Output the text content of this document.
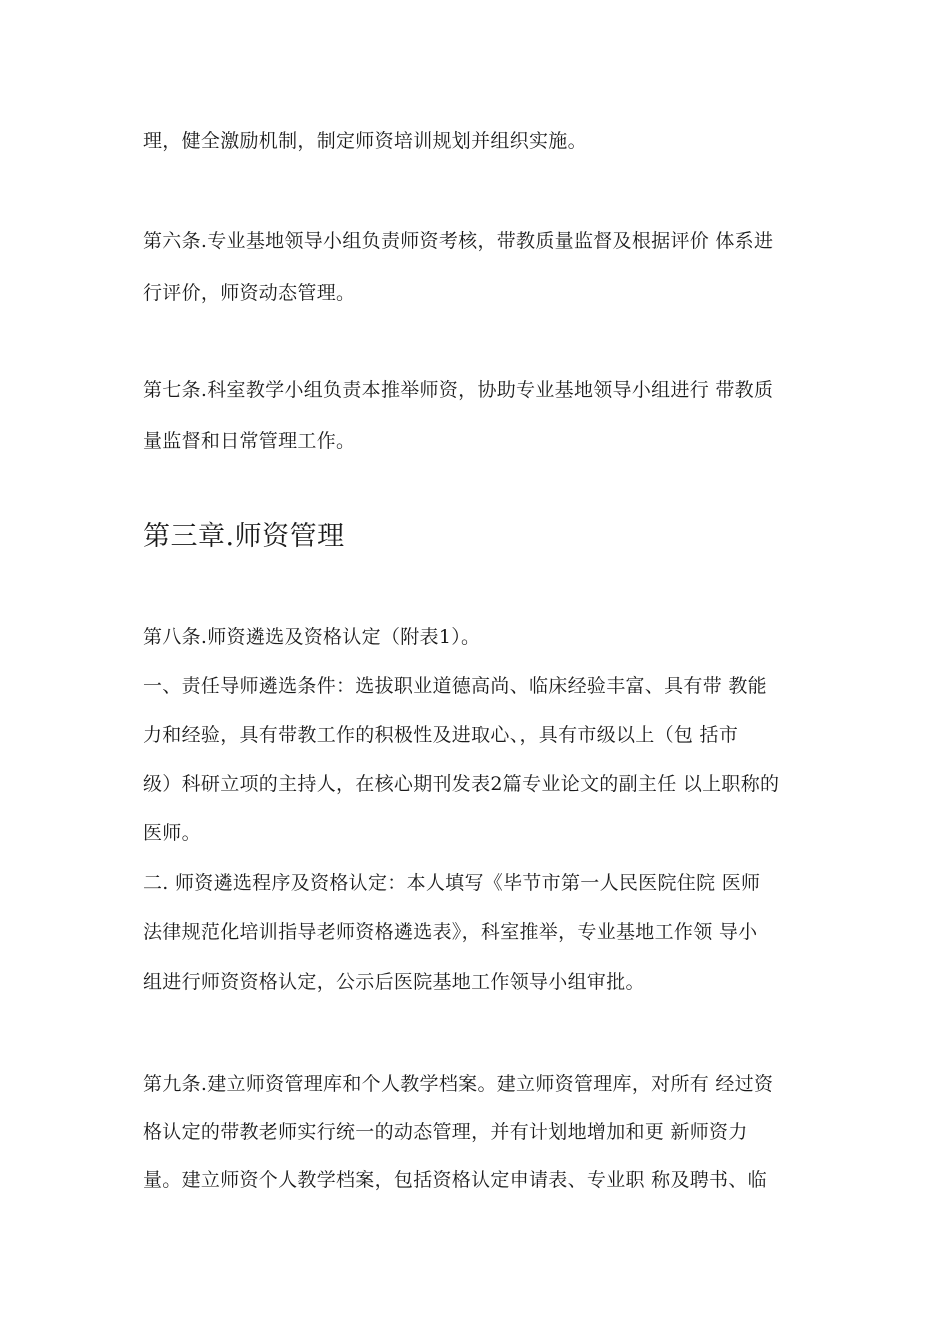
理，健全激励机制，制定师资培训规划并组织实施。
第六条.专业基地领导小组负责师资考核，带教质量监督及根据评价 体系进
行评价，师资动态管理。
第七条.科室教学小组负责本推举师资，协助专业基地领导小组进行 带教质
量监督和日常管理工作。
第三章.师资管理
第八条.师资遴选及资格认定（附表1）。
一、责任导师遴选条件：选拔职业道德高尚、临床经验丰富、具有带 教能
力和经验，具有带教工作的积极性及进取心、，具有市级以上（包 括市
级）科研立项的主持人，在核心期刊发表2篇专业论文的副主任 以上职称的
医师。
二. 师资遴选程序及资格认定：本人填写《毕节市第一人民医院住院 医师
法律规范化培训指导老师资格遴选表》，科室推举，专业基地工作领 导小
组进行师资资格认定，公示后医院基地工作领导小组审批。
第九条.建立师资管理库和个人教学档案。建立师资管理库，对所有 经过资
格认定的带教老师实行统一的动态管理，并有计划地增加和更 新师资力
量。建立师资个人教学档案，包括资格认定申请表、专业职 称及聘书、临
